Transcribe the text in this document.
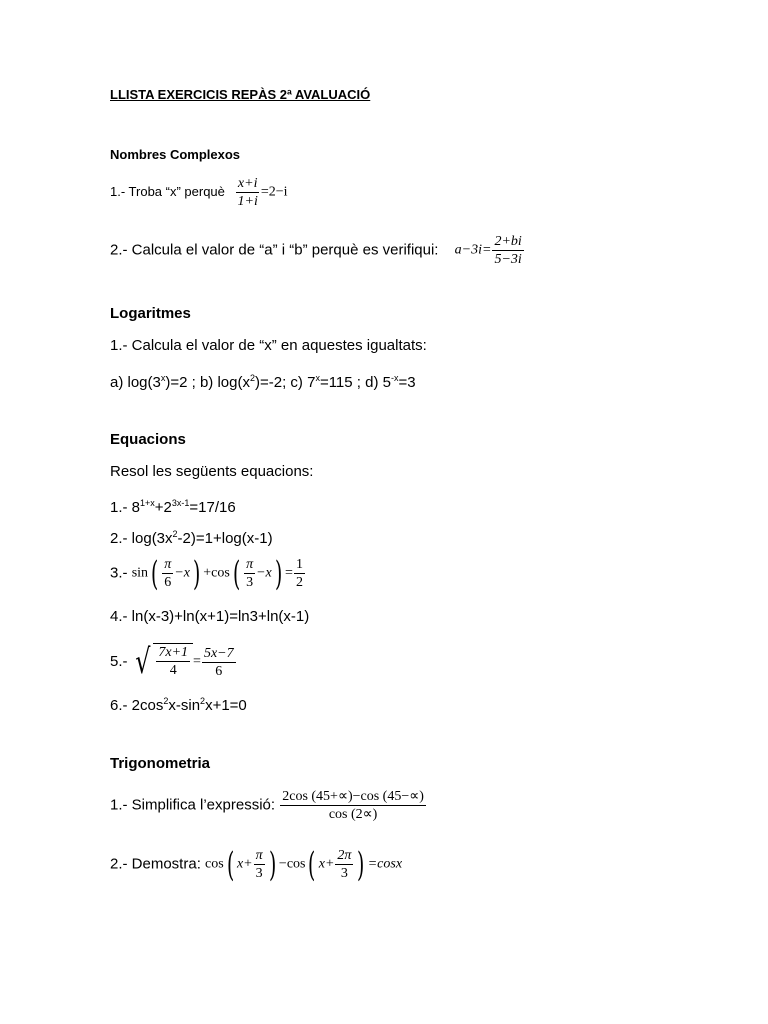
LLISTA EXERCICIS REPÀS 2ª AVALUACIÓ
Nombres Complexos
1.- Troba “x” perquè $\frac{x+i}{1+i} =2-i$
2.- Calcula el valor de “a” i “b” perquè es verifiqui: $a-3i= \frac{2+bi}{5-3i}$
Logaritmes
1.- Calcula el valor de “x” en aquestes igualtats:
a) $\log(3^x)=2$ ; b) $\log(x^2)=-2$; c) $7^x=115$ ; d) $5^{-x}=3$
Equacions
Resol les següents equacions:
1.- $8^{1+x}+2^{3x-1}=17/16$
2.- $\log(3x^2-2)=1+\log(x-1)$
3.- $\sin( \frac{\pi}{6} -x) +\cos( \frac{\pi}{3} -x) = \frac{1}{2}$
4.- ln(x-3)+ln(x+1)=ln3+ln(x-1)
5.- √ $\frac{7x+1}{4} = \frac{5x-7}{6}$
6.- $2\cos^2x-\sin^2x+1=0$
Trigonometria
1.- Simplifica l’expressió: $\frac{2\cos (45+\propto)-\cos (45-\propto)}{\cos (2\propto)}$
2.- Demostra: cos( $x+ \frac{\pi}{3}$ ) −cos( $x+ \frac{2\pi}{3}$ ) =cosx
